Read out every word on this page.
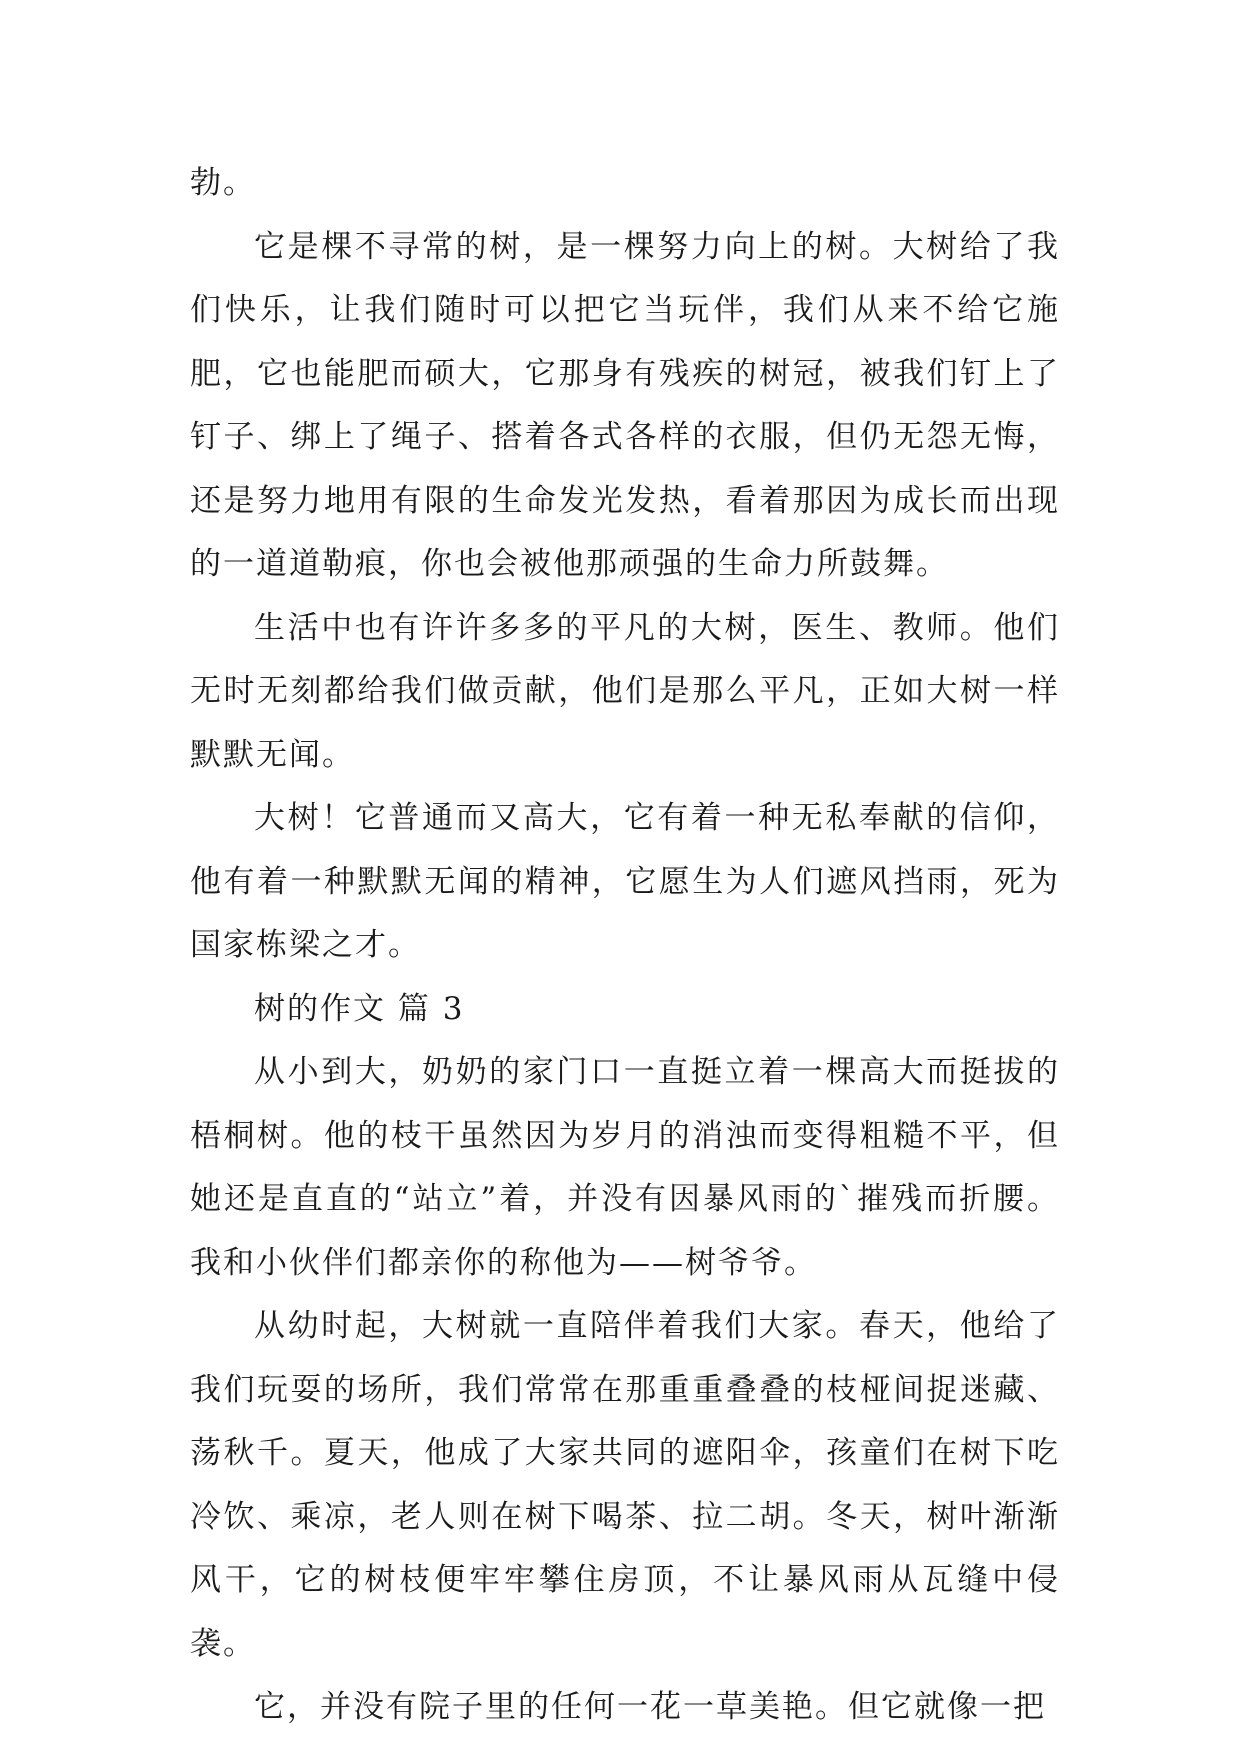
勃。

它是棵不寻常的树，是一棵努力向上的树。大树给了我们快乐，让我们随时可以把它当玩伴，我们从来不给它施肥，它也能肥而硕大，它那身有残疾的树冠，被我们钉上了钉子、绑上了绳子、搭着各式各样的衣服，但仍无怨无悔，还是努力地用有限的生命发光发热，看着那因为成长而出现的一道道勒痕，你也会被他那顽强的生命力所鼓舞。

生活中也有许许多多的平凡的大树，医生、教师。他们无时无刻都给我们做贡献，他们是那么平凡，正如大树一样默默无闻。

大树！它普通而又高大，它有着一种无私奉献的信仰，他有着一种默默无闻的精神，它愿生为人们遮风挡雨，死为国家栋梁之才。

树的作文 篇 3

从小到大，奶奶的家门口一直挺立着一棵高大而挺拔的梧桐树。他的枝干虽然因为岁月的消浊而变得粗糙不平，但她还是直直的“站立”着，并没有因暴风雨的`摧残而折腰。我和小伙伴们都亲你的称他为——树爷爷。

从幼时起，大树就一直陪伴着我们大家。春天，他给了我们玩耍的场所，我们常常在那重重叠叠的枝桠间捉迷藏、荡秋千。夏天，他成了大家共同的遮阳伞，孩童们在树下吃冷饮、乘凉，老人则在树下喝茶、拉二胡。冬天，树叶渐渐风干，它的树枝便牢牢攀住房顶，不让暴风雨从瓦缝中侵袭。

它，并没有院子里的任何一花一草美艳。但它就像一把
